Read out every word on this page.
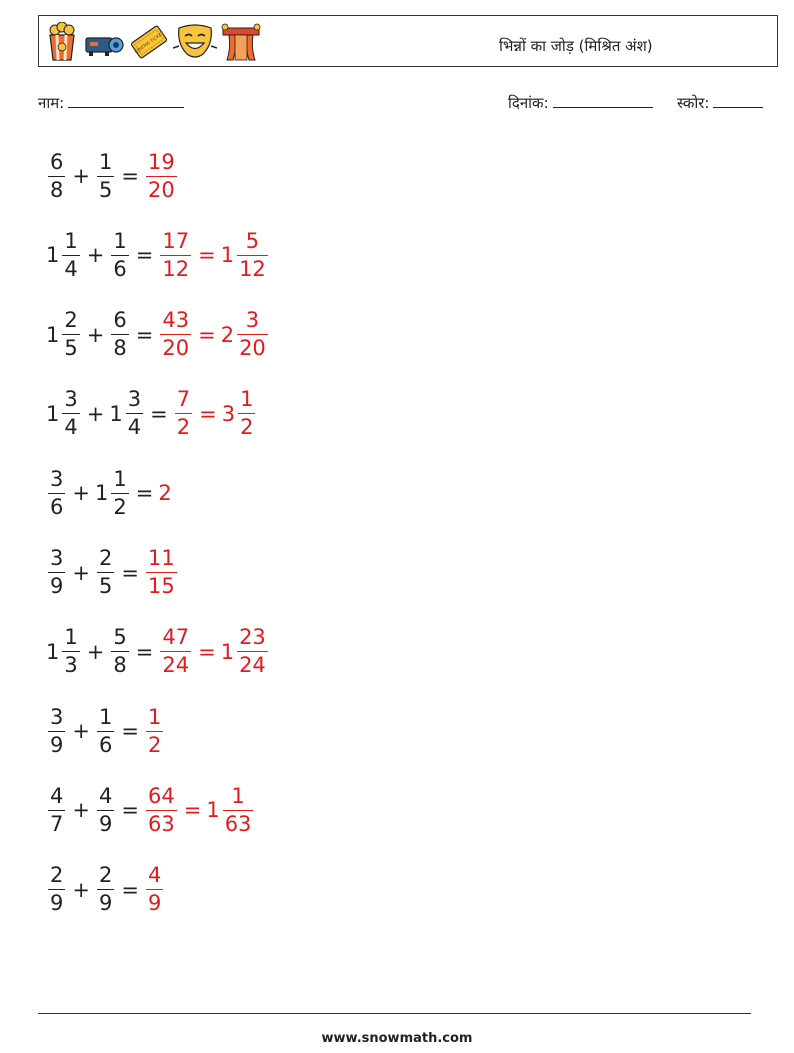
CINEMA TICKET	भिन्नों का जोड़ (मिश्रित अंश)
नाम:	दिनांक:	स्कोर:
$\frac{6}{8} + \frac{1}{5} = \frac{19}{20}$
$1 \frac{1}{4} + \frac{1}{6} = \frac{17}{12} = 1 \frac{5}{12}$
$1 \frac{2}{5} + \frac{6}{8} = \frac{43}{20} = 2 \frac{3}{20}$
$1 \frac{3}{4} + 1 \frac{3}{4} = \frac{7}{2} = 3 \frac{1}{2}$
$\frac{3}{6} + 1 \frac{1}{2} = 2$
$\frac{3}{9} + \frac{2}{5} = \frac{11}{15}$
$1 \frac{1}{3} + \frac{5}{8} = \frac{47}{24} = 1 \frac{23}{24}$
$\frac{3}{9} + \frac{1}{6} = \frac{1}{2}$
$\frac{4}{7} + \frac{4}{9} = \frac{64}{63} = 1 \frac{1}{63}$
$\frac{2}{9} + \frac{2}{9} = \frac{4}{9}$
www.snowmath.com
